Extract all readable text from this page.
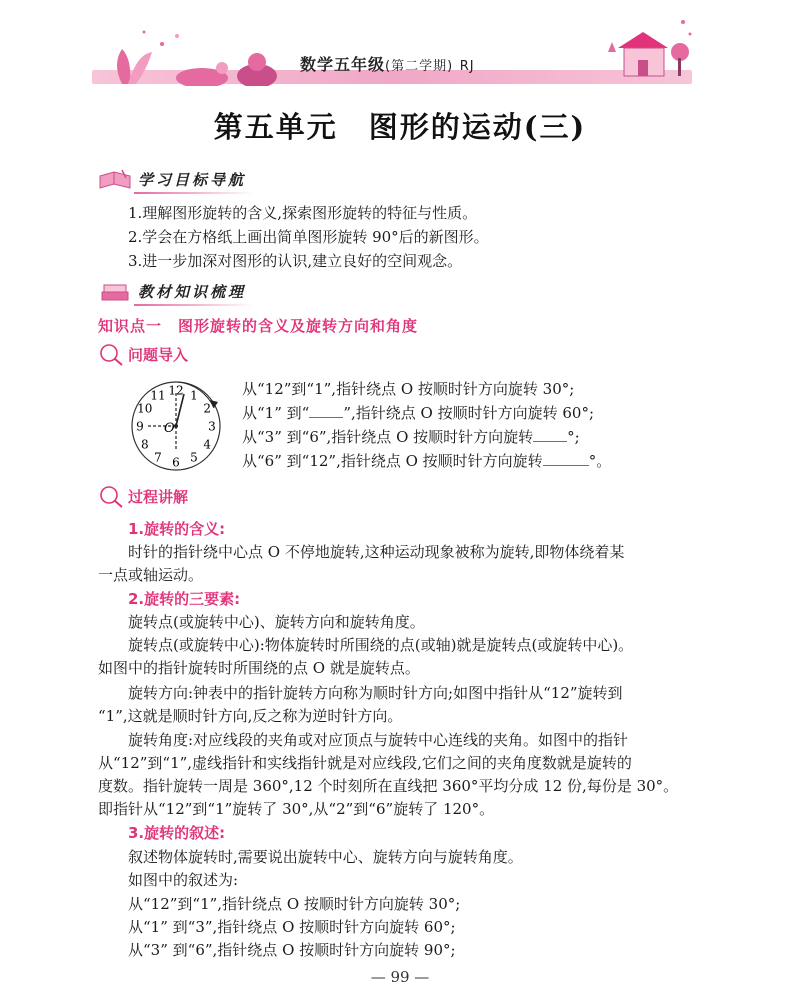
数学五年级(第二学期) RJ
第五单元　图形的运动(三)
学习目标导航
1.理解图形旋转的含义,探索图形旋转的特征与性质。
2.学会在方格纸上画出简单图形旋转 90°后的新图形。
3.进一步加深对图形的认识,建立良好的空间观念。
教材知识梳理
知识点一　图形旋转的含义及旋转方向和角度
问题导入
12 1
2
3
4
5
6
7
8
9
10
11
O
从“12”到“1”,指针绕点 O 按顺时针方向旋转 30°;
从“1” 到“ ”,指针绕点 O 按顺时针方向旋转 60°;
从“3” 到“6”,指针绕点 O 按顺时针方向旋转 °;
从“6” 到“12”,指针绕点 O 按顺时针方向旋转	°。
过程讲解
1.旋转的含义:
时针的指针绕中心点 O 不停地旋转,这种运动现象被称为旋转,即物体绕着某
一点或轴运动。
2.旋转的三要素:
旋转点(或旋转中心)、旋转方向和旋转角度。
旋转点(或旋转中心):物体旋转时所围绕的点(或轴)就是旋转点(或旋转中心)。
如图中的指针旋转时所围绕的点 O 就是旋转点。
旋转方向:钟表中的指针旋转方向称为顺时针方向;如图中指针从“12”旋转到
“1”,这就是顺时针方向,反之称为逆时针方向。
旋转角度:对应线段的夹角或对应顶点与旋转中心连线的夹角。如图中的指针
从“12”到“1”,虚线指针和实线指针就是对应线段,它们之间的夹角度数就是旋转的
度数。指针旋转一周是 360°,12 个时刻所在直线把 360°平均分成 12 份,每份是 30°。
即指针从“12”到“1”旋转了 30°,从“2”到“6”旋转了 120°。
3.旋转的叙述:
叙述物体旋转时,需要说出旋转中心、旋转方向与旋转角度。
如图中的叙述为:
从“12”到“1”,指针绕点 O 按顺时针方向旋转 30°;
从“1” 到“3”,指针绕点 O 按顺时针方向旋转 60°;
从“3” 到“6”,指针绕点 O 按顺时针方向旋转 90°;
— 99 —
